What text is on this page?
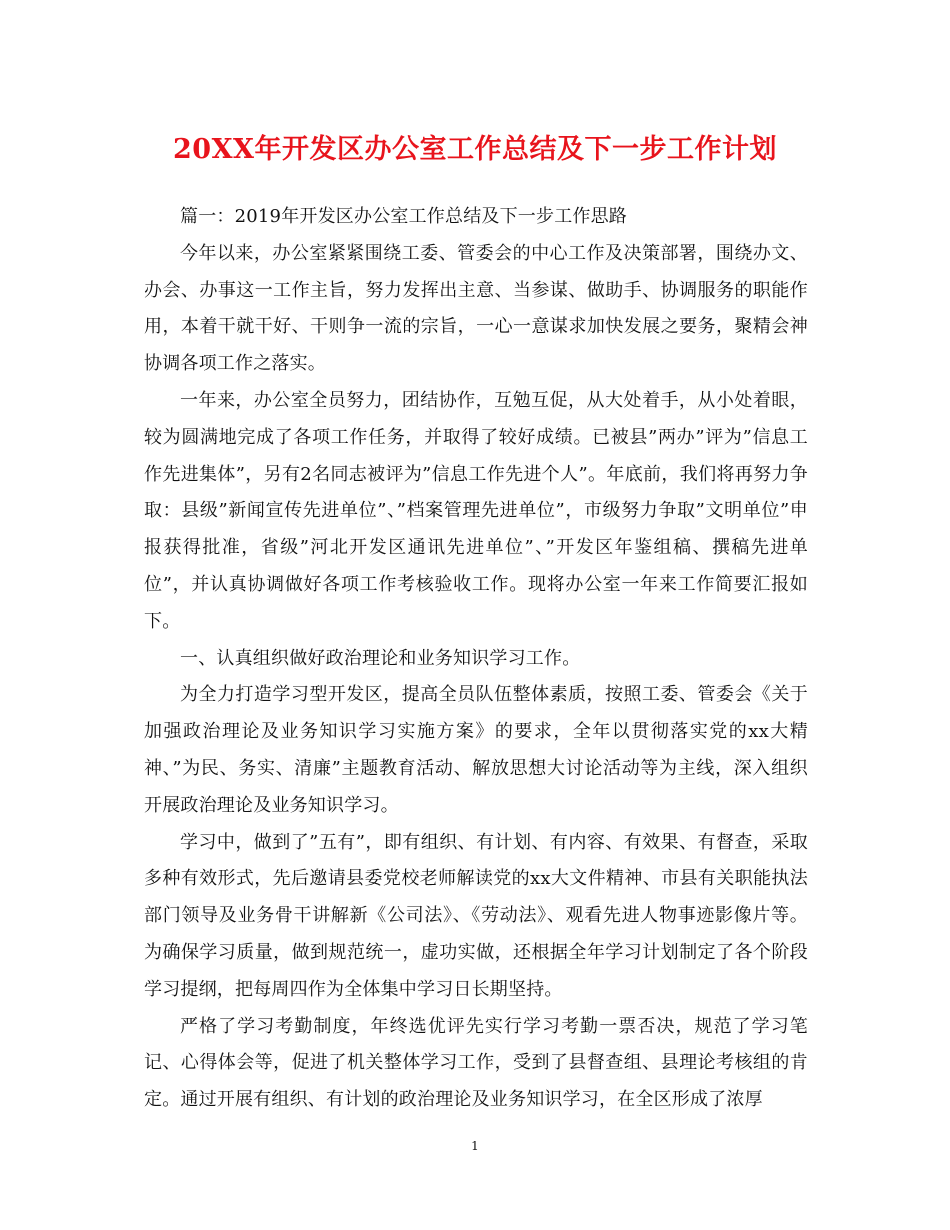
20XX年开发区办公室工作总结及下一步工作计划

篇一：2019年开发区办公室工作总结及下一步工作思路

今年以来，办公室紧紧围绕工委、管委会的中心工作及决策部署，围绕办文、办会、办事这一工作主旨，努力发挥出主意、当参谋、做助手、协调服务的职能作用，本着干就干好、干则争一流的宗旨，一心一意谋求加快发展之要务，聚精会神协调各项工作之落实。

一年来，办公室全员努力，团结协作，互勉互促，从大处着手，从小处着眼，较为圆满地完成了各项工作任务，并取得了较好成绩。已被县”两办”评为”信息工作先进集体”，另有2名同志被评为”信息工作先进个人”。年底前，我们将再努力争取：县级”新闻宣传先进单位”、”档案管理先进单位”，市级努力争取”文明单位”申报获得批准，省级”河北开发区通讯先进单位”、”开发区年鉴组稿、撰稿先进单位”，并认真协调做好各项工作考核验收工作。现将办公室一年来工作简要汇报如下。

一、认真组织做好政治理论和业务知识学习工作。

为全力打造学习型开发区，提高全员队伍整体素质，按照工委、管委会《关于加强政治理论及业务知识学习实施方案》的要求，全年以贯彻落实党的xx大精神、”为民、务实、清廉”主题教育活动、解放思想大讨论活动等为主线，深入组织开展政治理论及业务知识学习。

学习中，做到了”五有”，即有组织、有计划、有内容、有效果、有督查，采取多种有效形式，先后邀请县委党校老师解读党的xx大文件精神、市县有关职能执法部门领导及业务骨干讲解新《公司法》、《劳动法》、观看先进人物事迹影像片等。为确保学习质量，做到规范统一，虚功实做，还根据全年学习计划制定了各个阶段学习提纲，把每周四作为全体集中学习日长期坚持。

严格了学习考勤制度，年终选优评先实行学习考勤一票否决，规范了学习笔记、心得体会等，促进了机关整体学习工作，受到了县督查组、县理论考核组的肯定。通过开展有组织、有计划的政治理论及业务知识学习，在全区形成了浓厚

1
